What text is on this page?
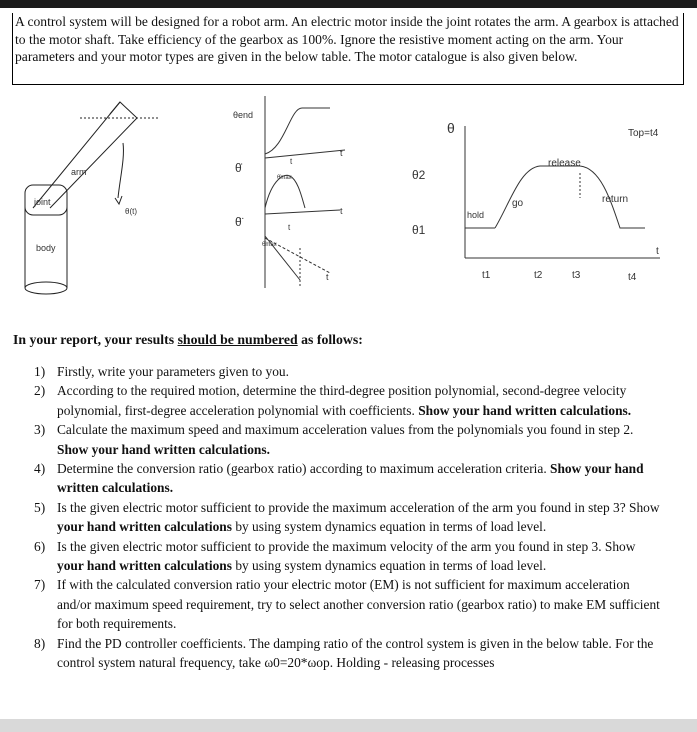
A control system will be designed for a robot arm. An electric motor inside the joint rotates the arm. A gearbox is attached to the motor shaft. Take efficiency of the gearbox as 100%. Ignore the resistive moment acting on the arm. Your parameters and your motor types are given in the below table. The motor catalogue is also given below.
arm
joint
body
θ(t)
θend
θ̇
θ̈
t
t
θ̇max
θ̈max
t
t
t
θ
θ2
θ1
release
go
hold
return
Top=t4
t1	t2	t3	t4
t
In your report, your results should be numbered as follows:
1) Firstly, write your parameters given to you.
2) According to the required motion, determine the third-degree position polynomial, second-degree velocity polynomial, first-degree acceleration polynomial with coefficients. Show your hand written calculations.
3) Calculate the maximum speed and maximum acceleration values from the polynomials you found in step 2. Show your hand written calculations.
4) Determine the conversion ratio (gearbox ratio) according to maximum acceleration criteria. Show your hand written calculations.
5) Is the given electric motor sufficient to provide the maximum acceleration of the arm you found in step 3? Show your hand written calculations by using system dynamics equation in terms of load level.
6) Is the given electric motor sufficient to provide the maximum velocity of the arm you found in step 3. Show your hand written calculations by using system dynamics equation in terms of load level.
7) If with the calculated conversion ratio your electric motor (EM) is not sufficient for maximum acceleration and/or maximum speed requirement, try to select another conversion ratio (gearbox ratio) to make EM sufficient for both requirements.
8) Find the PD controller coefficients. The damping ratio of the control system is given in the below table. For the control system natural frequency, take ω0=20*ωop. Holding - releasing processes
